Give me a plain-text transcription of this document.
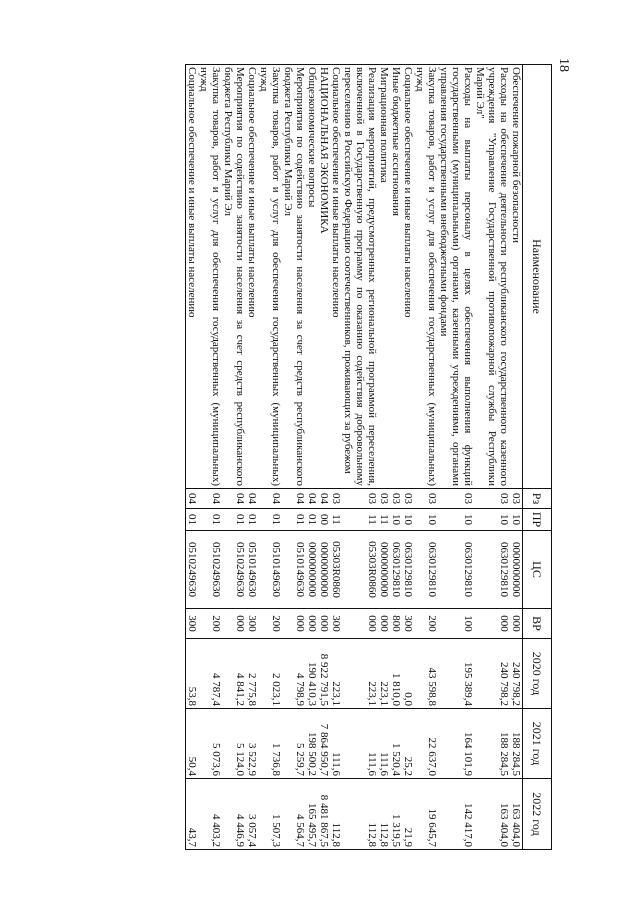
18
Наименование	Рз	ПР	ЦС	ВР	2020 год	2021 год	2022 год
Обеспечение пожарной безопасности	03	10	0000000000	000	240 798,2	188 284,5	163 404,0
Расходы на обеспечение деятельности республиканского государственного казенного учреждения "Управление Государственной противопожарной службы Республики Марий Эл"	03	10	0630129810	000	240 798,2	188 284,5	163 404,0
Расходы на выплаты персоналу в целях обеспечения выполнения функций государственными (муниципальными) органами, казенными учреждениями, органами управления государственными внебюджетными фондами	03	10	0630129810	100	195 389,4	164 101,9	142 417,0
Закупка товаров, работ и услуг для обеспечения государственных (муниципальных) нужд	03	10	0630129810	200	43 598,8	22 637,0	19 645,7
Социальное обеспечение и иные выплаты населению	03	10	0630129810	300	0,0	25,2	21,9
Иные бюджетные ассигнования	03	10	0630129810	800	1 810,0	1 520,4	1 319,5
Миграционная политика	03	11	0000000000	000	223,1	111,6	112,8
Реализация мероприятий, предусмотренных региональной программой переселения, включенной в Государственную программу по оказанию содействия добровольному переселению в Российскую Федерацию соотечественников, проживающих за рубежом	03	11	05303R0860	000	223,1	111,6	112,8
Социальное обеспечение и иные выплаты населению	03	11	05303R0860	300	223,1	111,6	112,8
НАЦИОНАЛЬНАЯ ЭКОНОМИКА	04	00	0000000000	000	8 922 791,5	7 864 950,7	8 481 867,5
Общеэкономические вопросы	04	01	0000000000	000	190 410,3	198 500,2	165 495,7
Мероприятия по содействию занятости населения за счет средств республиканского бюджета Республики Марий Эл	04	01	0510149630	000	4 798,9	5 259,7	4 564,7
Закупка товаров, работ и услуг для обеспечения государственных (муниципальных) нужд	04	01	0510149630	200	2 023,1	1 736,8	1 507,3
Социальное обеспечение и иные выплаты населению	04	01	0510149630	300	2 775,8	3 522,9	3 057,4
Мероприятия по содействию занятости населения за счет средств республиканского бюджета Республики Марий Эл	04	01	0510249630	000	4 841,2	5 124,0	4 446,9
Закупка товаров, работ и услуг для обеспечения государственных (муниципальных) нужд	04	01	0510249630	200	4 787,4	5 073,6	4 403,2
Социальное обеспечение и иные выплаты населению	04	01	0510249630	300	53,8	50,4	43,7
